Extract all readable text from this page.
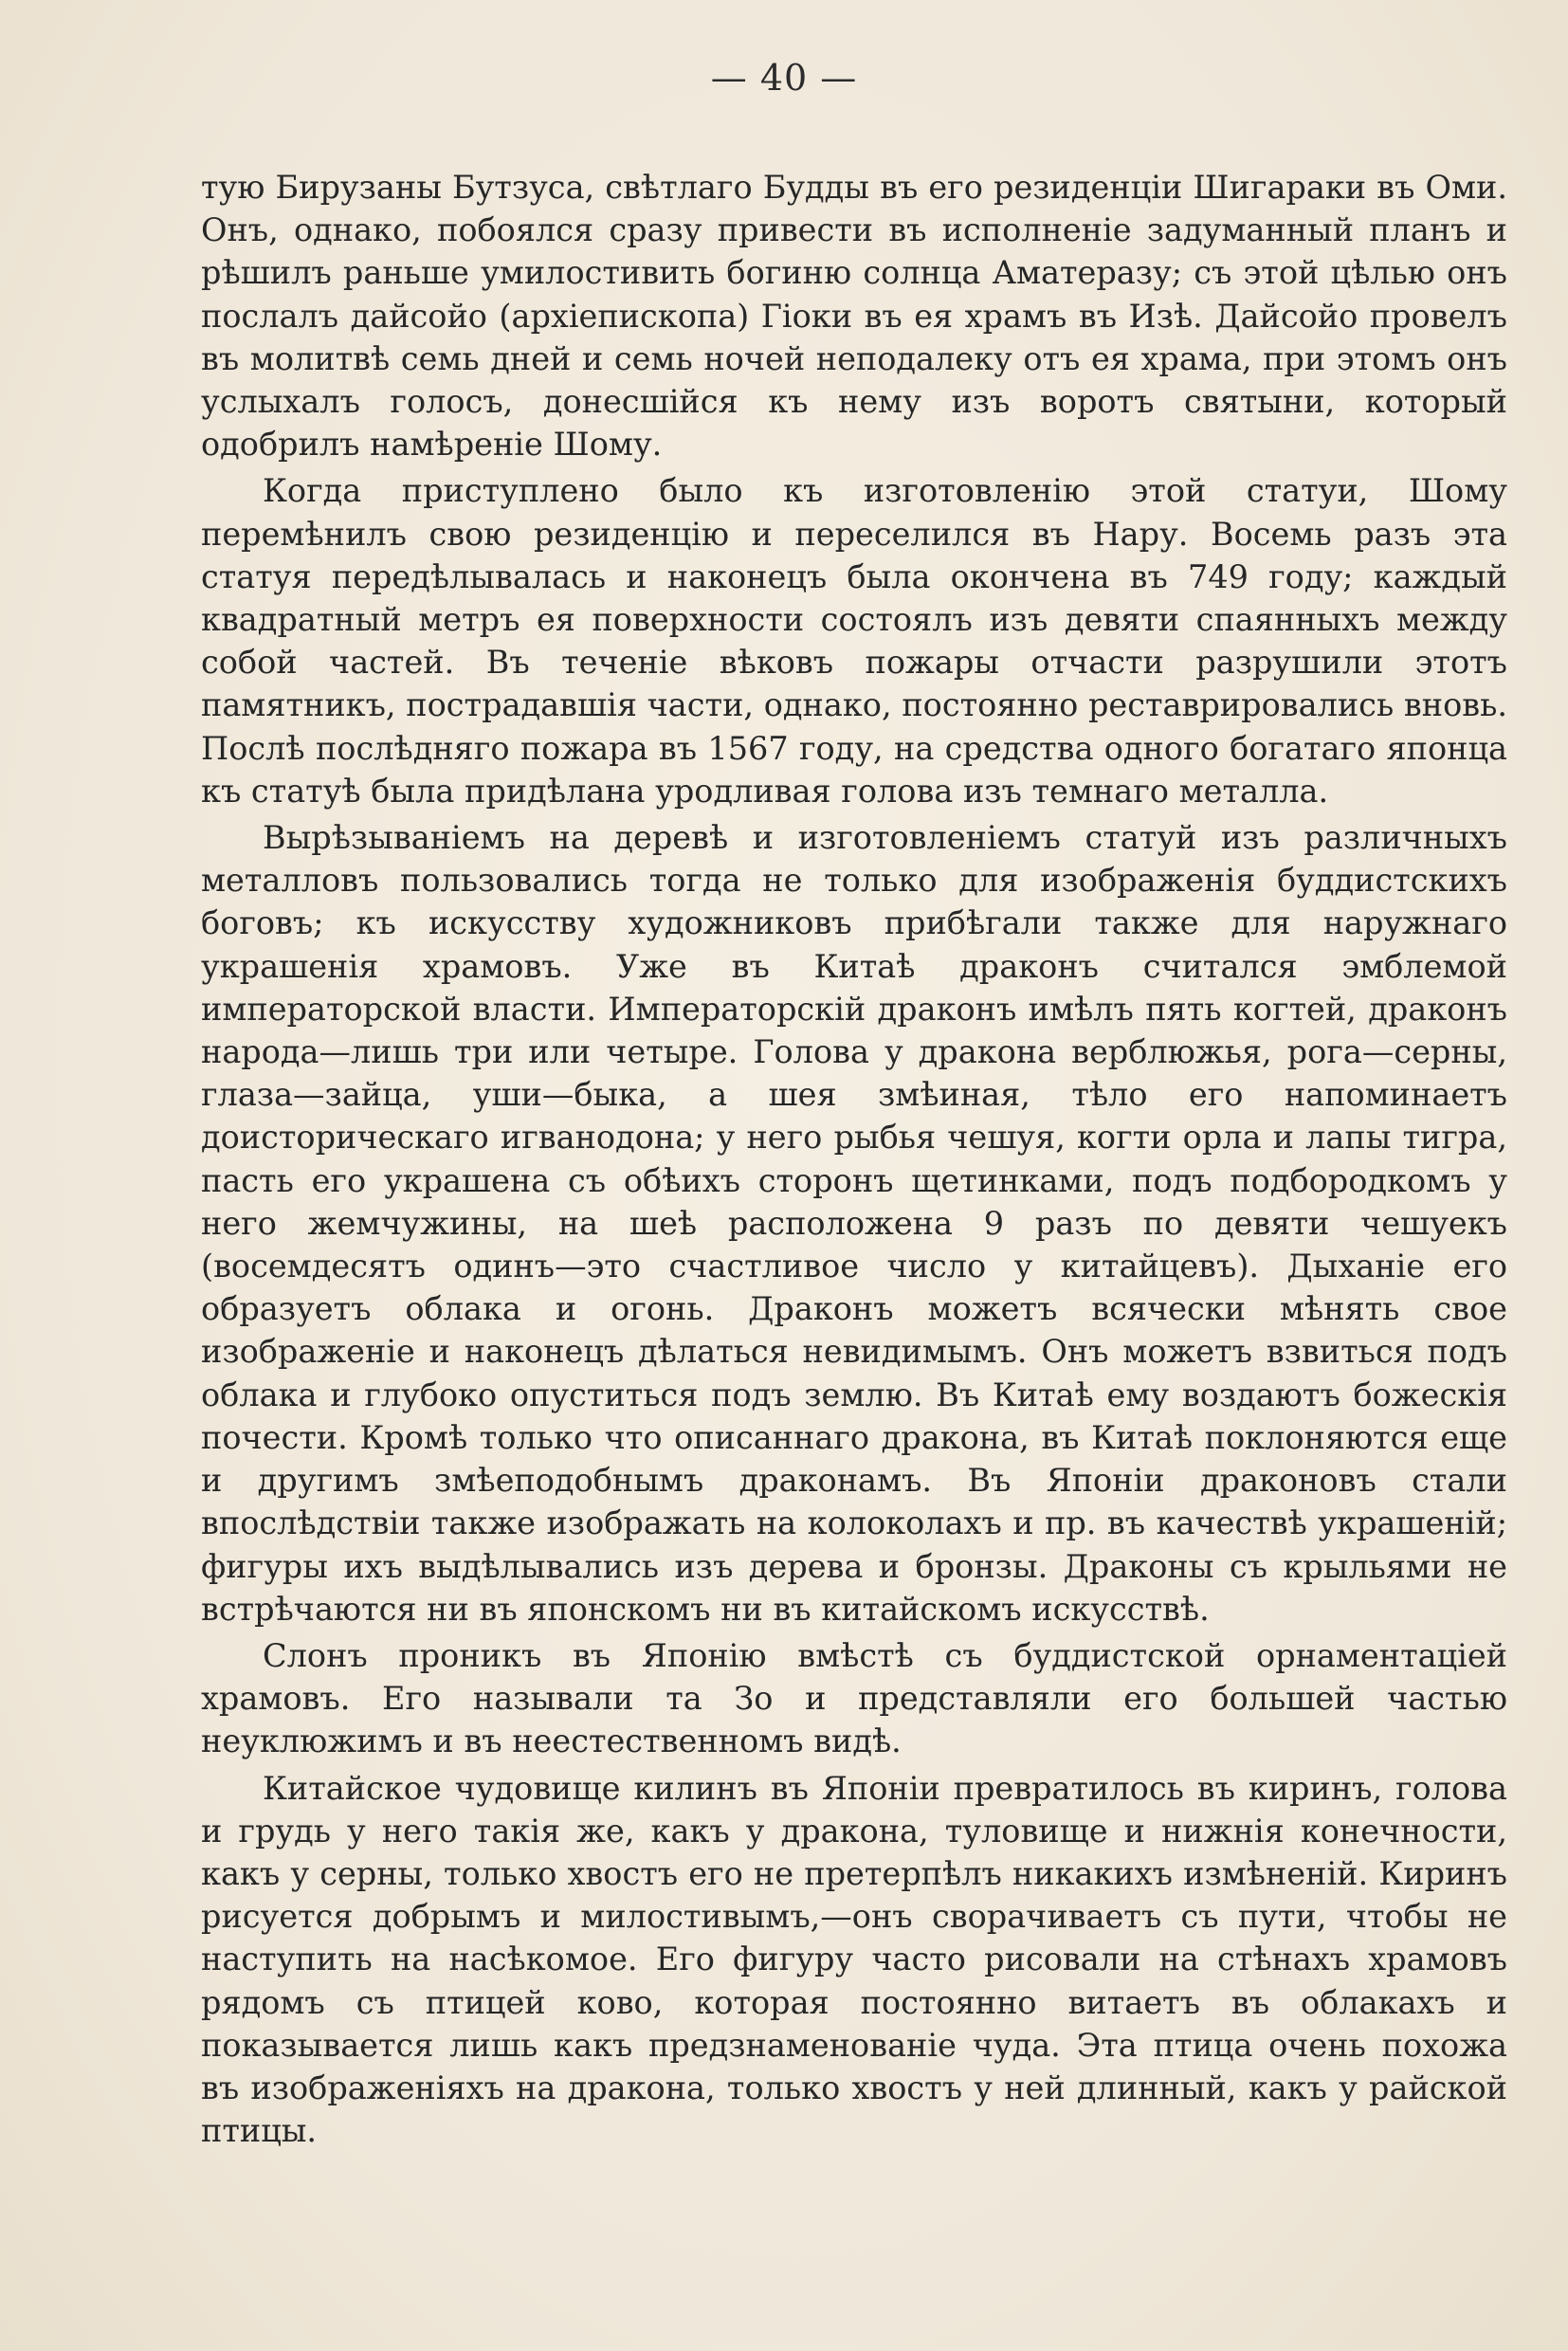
— 40 —

тую Бирузаны Бутзуса, свѣтлаго Будды въ его резиденціи Шигараки въ Оми. Онъ, однако, побоялся сразу привести въ исполненіе задуманный планъ и рѣшилъ раньше умилостивить богиню солнца Аматеразу; съ этой цѣлью онъ послалъ дайсойо (архіепископа) Гіоки въ ея храмъ въ Изѣ. Дайсойо провелъ въ молитвѣ семь дней и семь ночей неподалеку отъ ея храма, при этомъ онъ услыхалъ голосъ, донесшійся къ нему изъ воротъ святыни, который одобрилъ намѣреніе Шому.

Когда приступлено было къ изготовленію этой статуи, Шому перемѣнилъ свою резиденцію и переселился въ Нару. Восемь разъ эта статуя передѣлывалась и наконецъ была окончена въ 749 году; каждый квадратный метръ ея поверхности состоялъ изъ девяти спаянныхъ между собой частей. Въ теченіе вѣковъ пожары отчасти разрушили этотъ памятникъ, пострадавшія части, однако, постоянно реставрировались вновь. Послѣ послѣдняго пожара въ 1567 году, на средства одного богатаго японца къ статуѣ была придѣлана уродливая голова изъ темнаго металла.

Вырѣзываніемъ на деревѣ и изготовленіемъ статуй изъ различныхъ металловъ пользовались тогда не только для изображенія буддистскихъ боговъ; къ искусству художниковъ прибѣгали также для наружнаго украшенія храмовъ. Уже въ Китаѣ драконъ считался эмблемой императорской власти. Императорскій драконъ имѣлъ пять когтей, драконъ народа—лишь три или четыре. Голова у дракона верблюжья, рога—серны, глаза—зайца, уши—быка, а шея змѣиная, тѣло его напоминаетъ доисторическаго игванодона; у него рыбья чешуя, когти орла и лапы тигра, пасть его украшена съ обѣихъ сторонъ щетинками, подъ подбородкомъ у него жемчужины, на шеѣ расположена 9 разъ по девяти чешуекъ (восемдесятъ одинъ—это счастливое число у китайцевъ). Дыханіе его образуетъ облака и огонь. Драконъ можетъ всячески мѣнять свое изображеніе и наконецъ дѣлаться невидимымъ. Онъ можетъ взвиться подъ облака и глубоко опуститься подъ землю. Въ Китаѣ ему воздаютъ божескія почести. Кромѣ только что описаннаго дракона, въ Китаѣ поклоняются еще и другимъ змѣеподобнымъ драконамъ. Въ Японіи драконовъ стали впослѣдствіи также изображать на колоколахъ и пр. въ качествѣ украшеній; фигуры ихъ выдѣлывались изъ дерева и бронзы. Драконы съ крыльями не встрѣчаются ни въ японскомъ ни въ китайскомъ искусствѣ.

Слонъ проникъ въ Японію вмѣстѣ съ буддистской орнаментаціей храмовъ. Его называли та Зо и представляли его большей частью неуклюжимъ и въ неестественномъ видѣ.

Китайское чудовище килинъ въ Японіи превратилось въ киринъ, голова и грудь у него такія же, какъ у дракона, туловище и нижнія конечности, какъ у серны, только хвостъ его не претерпѣлъ никакихъ измѣненій. Киринъ рисуется добрымъ и милостивымъ,—онъ сворачиваетъ съ пути, чтобы не наступить на насѣкомое. Его фигуру часто рисовали на стѣнахъ храмовъ рядомъ съ птицей ково, которая постоянно витаетъ въ облакахъ и показывается лишь какъ предзнаменованіе чуда. Эта птица очень похожа въ изображеніяхъ на дракона, только хвостъ у ней длинный, какъ у райской птицы.
